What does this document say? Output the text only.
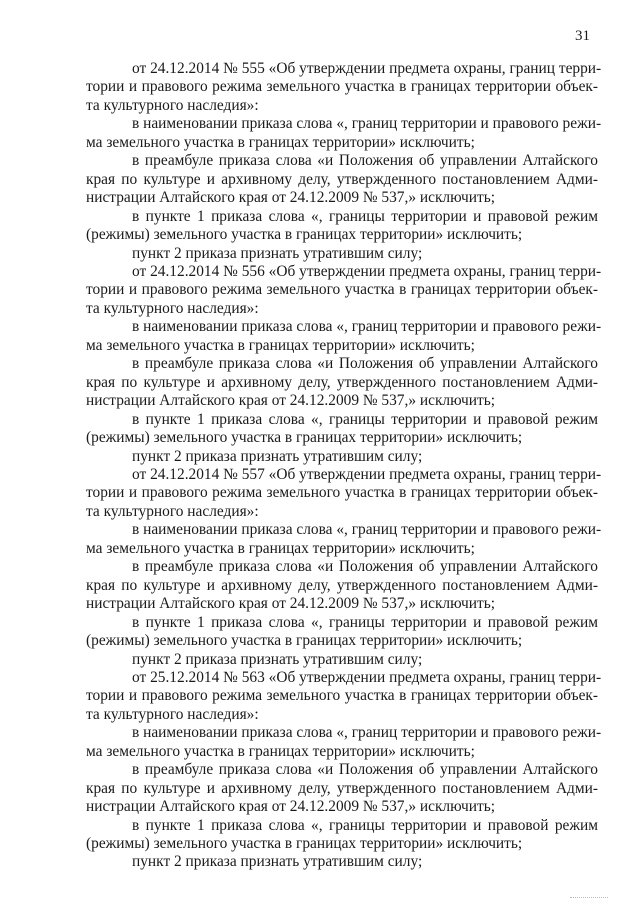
31
от 24.12.2014 № 555 «Об утверждении предмета охраны, границ терри-
тории и правового режима земельного участка в границах территории объек-
та культурного наследия»:
в наименовании приказа слова «, границ территории и правового режи-
ма земельного участка в границах территории» исключить;
в преамбуле приказа слова «и Положения об управлении Алтайского
края по культуре и архивному делу, утвержденного постановлением Адми-
нистрации Алтайского края от 24.12.2009 № 537,» исключить;
в пункте 1 приказа слова «, границы территории и правовой режим
(режимы) земельного участка в границах территории» исключить;
пункт 2 приказа признать утратившим силу;
от 24.12.2014 № 556 «Об утверждении предмета охраны, границ терри-
тории и правового режима земельного участка в границах территории объек-
та культурного наследия»:
в наименовании приказа слова «, границ территории и правового режи-
ма земельного участка в границах территории» исключить;
в преамбуле приказа слова «и Положения об управлении Алтайского
края по культуре и архивному делу, утвержденного постановлением Адми-
нистрации Алтайского края от 24.12.2009 № 537,» исключить;
в пункте 1 приказа слова «, границы территории и правовой режим
(режимы) земельного участка в границах территории» исключить;
пункт 2 приказа признать утратившим силу;
от 24.12.2014 № 557 «Об утверждении предмета охраны, границ терри-
тории и правового режима земельного участка в границах территории объек-
та культурного наследия»:
в наименовании приказа слова «, границ территории и правового режи-
ма земельного участка в границах территории» исключить;
в преамбуле приказа слова «и Положения об управлении Алтайского
края по культуре и архивному делу, утвержденного постановлением Адми-
нистрации Алтайского края от 24.12.2009 № 537,» исключить;
в пункте 1 приказа слова «, границы территории и правовой режим
(режимы) земельного участка в границах территории» исключить;
пункт 2 приказа признать утратившим силу;
от 25.12.2014 № 563 «Об утверждении предмета охраны, границ терри-
тории и правового режима земельного участка в границах территории объек-
та культурного наследия»:
в наименовании приказа слова «, границ территории и правового режи-
ма земельного участка в границах территории» исключить;
в преамбуле приказа слова «и Положения об управлении Алтайского
края по культуре и архивному делу, утвержденного постановлением Адми-
нистрации Алтайского края от 24.12.2009 № 537,» исключить;
в пункте 1 приказа слова «, границы территории и правовой режим
(режимы) земельного участка в границах территории» исключить;
пункт 2 приказа признать утратившим силу;
